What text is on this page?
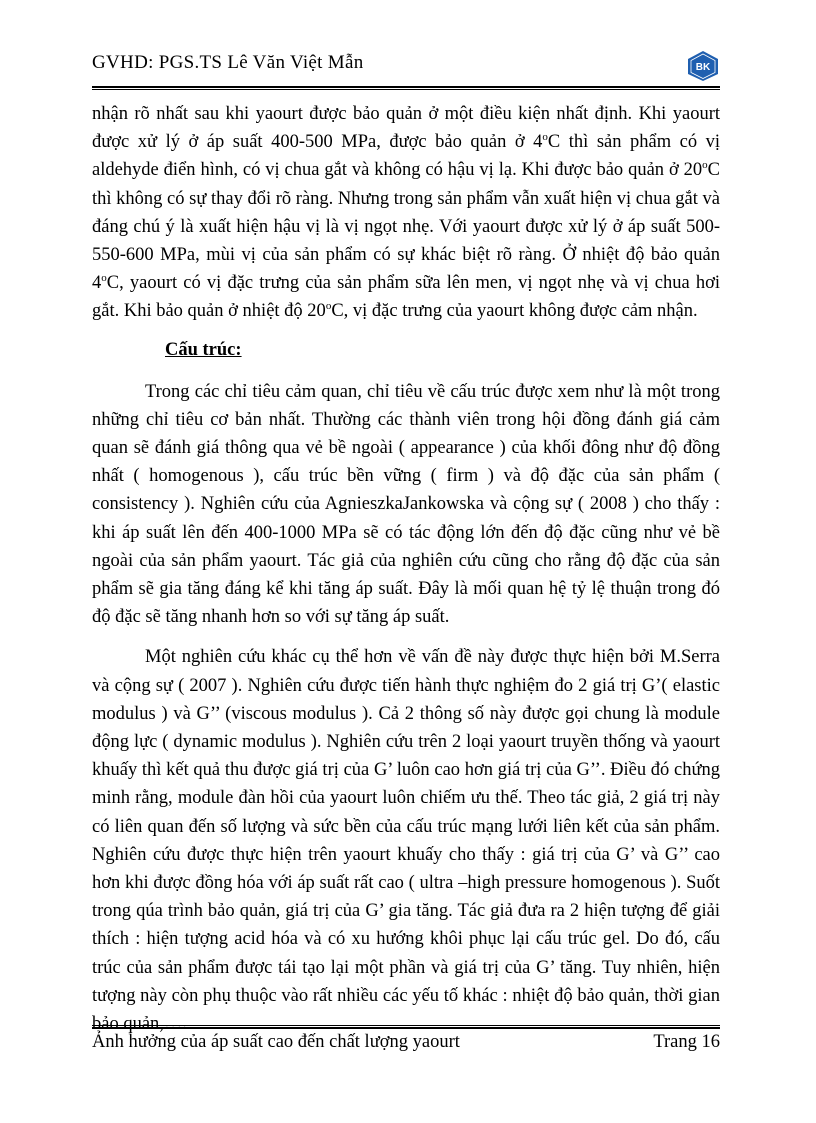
GVHD: PGS.TS Lê Văn Việt Mẫn	BK

nhận rõ nhất sau khi yaourt được bảo quản ở một điều kiện nhất định. Khi yaourt được xử lý ở áp suất 400-500 MPa, được bảo quản ở 4$^o$C thì sản phẩm có vị aldehyde điển hình, có vị chua gắt và không có hậu vị lạ. Khi được bảo quản ở 20$^o$C thì không có sự thay đổi rõ ràng. Nhưng trong sản phẩm vẫn xuất hiện vị chua gắt và đáng chú ý là xuất hiện hậu vị là vị ngọt nhẹ. Với yaourt được xử lý ở áp suất 500-550-600 MPa, mùi vị của sản phẩm có sự khác biệt rõ ràng. Ở nhiệt độ bảo quản 4$^o$C, yaourt có vị đặc trưng của sản phẩm sữa lên men, vị ngọt nhẹ và vị chua hơi gắt. Khi bảo quản ở nhiệt độ 20$^o$C, vị đặc trưng của yaourt không được cảm nhận.

Cấu trúc:

Trong các chỉ tiêu cảm quan, chỉ tiêu về cấu trúc được xem như là một trong những chỉ tiêu cơ bản nhất. Thường các thành viên trong hội đồng đánh giá cảm quan sẽ đánh giá thông qua vẻ bề ngoài ( appearance ) của khối đông như độ đồng nhất ( homogenous ), cấu trúc bền vững ( firm ) và độ đặc của sản phẩm ( consistency ). Nghiên cứu của AgnieszkaJankowska và cộng sự ( 2008 ) cho thấy : khi áp suất lên đến 400-1000 MPa sẽ có tác động lớn đến độ đặc cũng như vẻ bề ngoài của sản phẩm yaourt. Tác giả của nghiên cứu cũng cho rằng độ đặc của sản phẩm sẽ gia tăng đáng kể khi tăng áp suất. Đây là mối quan hệ tỷ lệ thuận trong đó độ đặc sẽ tăng nhanh hơn so với sự tăng áp suất.

Một nghiên cứu khác cụ thể hơn về vấn đề này được thực hiện bởi M.Serra và cộng sự ( 2007 ). Nghiên cứu được tiến hành thực nghiệm đo 2 giá trị G’( elastic modulus ) và G’’ (viscous modulus ). Cả 2 thông số này được gọi chung là module động lực ( dynamic modulus ). Nghiên cứu trên 2 loại yaourt truyền thống và yaourt khuấy thì kết quả thu được giá trị của G’ luôn cao hơn giá trị của G’’. Điều đó chứng minh rằng, module đàn hồi của yaourt luôn chiếm ưu thế. Theo tác giả, 2 giá trị này có liên quan đến số lượng và sức bền của cấu trúc mạng lưới liên kết của sản phẩm. Nghiên cứu được thực hiện trên yaourt khuấy cho thấy : giá trị của G’ và G’’ cao hơn khi được đồng hóa với áp suất rất cao ( ultra –high pressure homogenous ). Suốt trong qúa trình bảo quản, giá trị của G’ gia tăng. Tác giả đưa ra 2 hiện tượng để giải thích : hiện tượng acid hóa và có xu hướng khôi phục lại cấu trúc gel. Do đó, cấu trúc của sản phẩm được tái tạo lại một phần và giá trị của G’ tăng. Tuy nhiên, hiện tượng này còn phụ thuộc vào rất nhiều các yếu tố khác : nhiệt độ bảo quản, thời gian

Ảnh hưởng của áp suất cao đến chất lượng yaourt	Trang 16
